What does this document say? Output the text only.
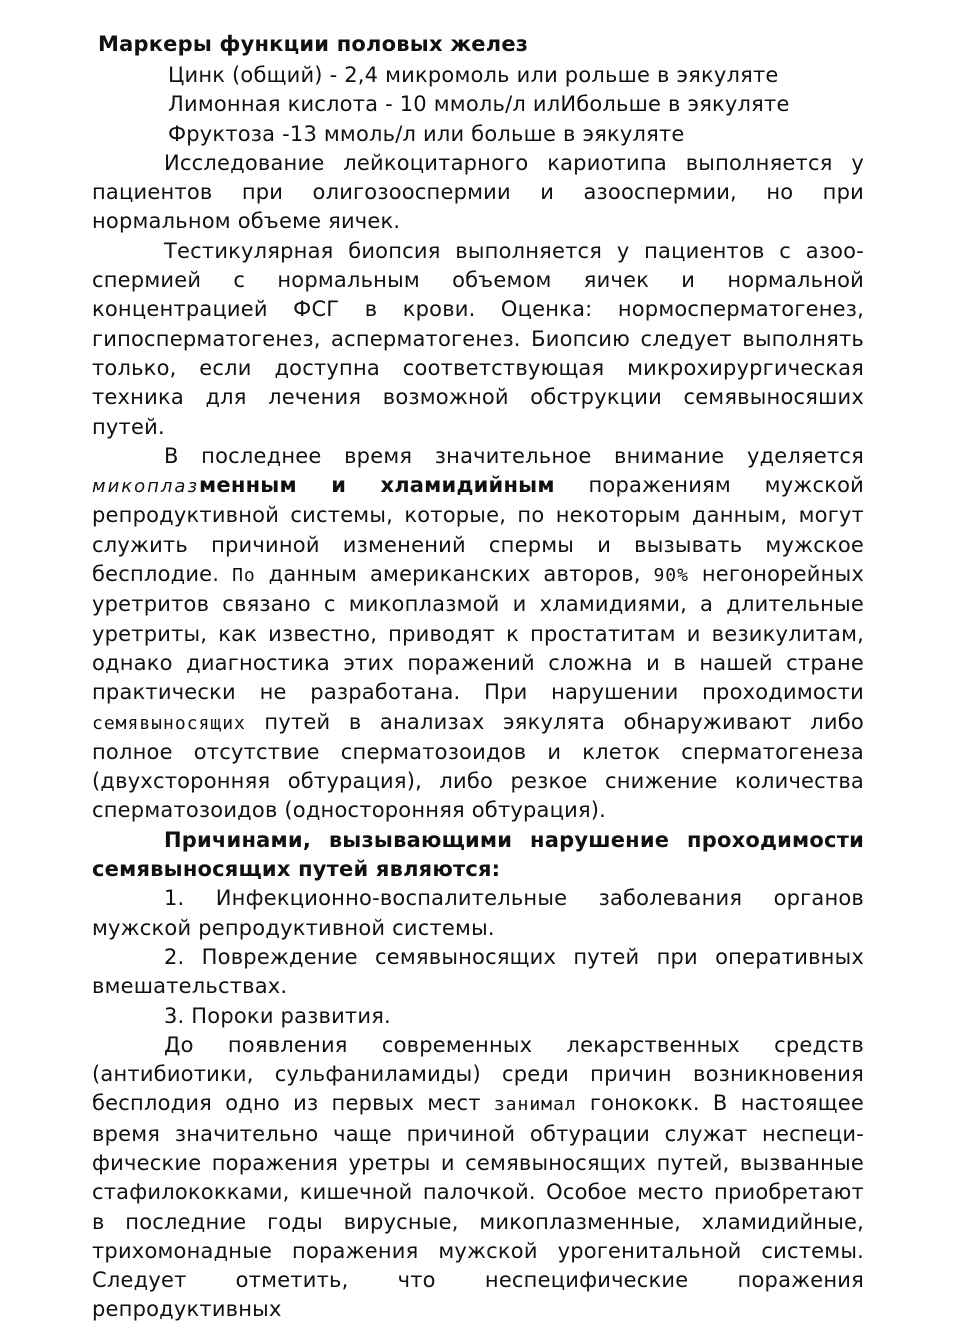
Маркеры функции половых желез
Цинк (общий) - 2,4 микромоль или рольше в эякуляте
Лимонная кислота - 10 ммоль/л илИбольше в эякуляте
Фруктоза -13 ммоль/л или больше в эякуляте

Исследование лейкоцитарного кариотипа выполняется у пациентов при олигозооспермии и азооспермии, но при нормальном объеме яичек.

Тестикулярная биопсия выполняется у пациентов с азоо-спермией с нормальным объемом яичек и нормальной концентрацией ФСГ в крови. Оценка: нормосперматогенез, гипосперматогенез, асперматогенез. Биопсию следует выполнять только, если доступна соответствующая микрохирургическая техника для лечения возможной обструкции семявыносяших путей.

В последнее время значительное внимание уделяется микоплазменным и хламидийным поражениям мужской репродуктивной системы, которые, по некоторым данным, могут служить причиной изменений спермы и вызывать мужское бесплодие. По данным американских авторов, 90% негонорейных уретритов связано с микоплазмой и хламидиями, а длительные уретриты, как известно, приводят к простатитам и везикулитам, однако диагностика этих поражений сложна и в нашей стране практически не разработана. При нарушении проходимости семявыносящих путей в анализах эякулята обнаруживают либо полное отсутствие сперматозоидов и клеток сперматогенеза (двухсторонняя обтурация), либо резкое снижение количества сперматозоидов (односторонняя обтурация).

Причинами, вызывающими нарушение проходимости семявыносящих путей являются:

1. Инфекционно-воспалительные заболевания органов мужской репродуктивной системы.

2. Повреждение семявыносящих путей при оперативных вмешательствах.

3. Пороки развития.

До появления современных лекарственных средств (антибиотики, сульфаниламиды) среди причин возникновения бесплодия одно из первых мест занимал гонококк. В настоящее время значительно чаще причиной обтурации служат неспеци-фические поражения уретры и семявыносящих путей, вызванные стафилококками, кишечной палочкой. Особое место приобретают в последние годы вирусные, микоплазменные, хламидийные, трихомонадные поражения мужской урогенитальной системы. Следует отметить, что неспецифические поражения репродуктивных
